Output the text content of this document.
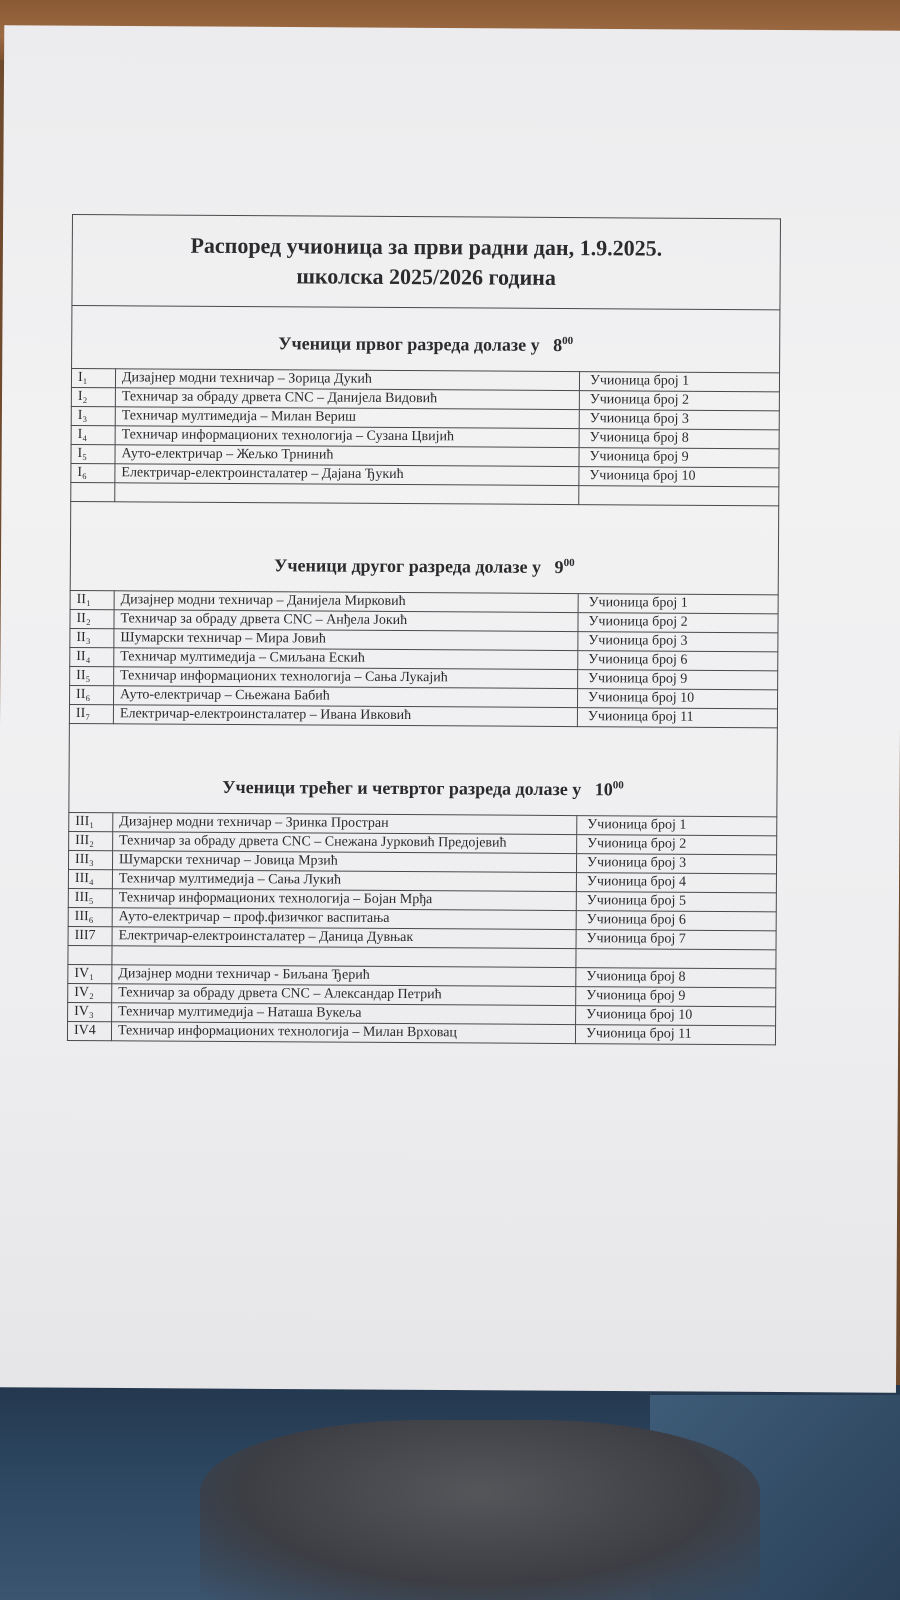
Распоред учионица за први радни дан, 1.9.2025.
школска 2025/2026 година		

Ученици првог разреда долазе у $8^{00}$
I₁	Дизајнер модни техничар – Зорица Дукић	Учионица број 1
I₂	Техничар за обраду дрвета CNC – Данијела Видовић	Учионица број 2
I₃	Техничар мултимедија – Милан Вериш	Учионица број 3
I₄	Техничар информационих технологија – Сузана Цвијић	Учионица број 8
I₅	Ауто-електричар – Жељко Трнинић	Учионица број 9
I₆	Електричар-електроинсталатер – Дајана Ђукић	Учионица број 10

Ученици другог разреда долазе у $9^{00}$
II₁	Дизајнер модни техничар – Данијела Мирковић	Учионица број 1
II₂	Техничар за обраду дрвета CNC – Анђела Јокић	Учионица број 2
II₃	Шумарски техничар – Мира Јовић	Учионица број 3
II₄	Техничар мултимедија – Смиљана Ескић	Учионица број 6
II₅	Техничар информационих технологија – Сања Лукајић	Учионица број 9
II₆	Ауто-електричар – Сњежана Бабић	Учионица број 10
II₇	Електричар-електроинсталатер – Ивана Ивковић	Учионица број 11
Ученици трећег и четвртог разреда долазе у $10^{00}$
III₁	Дизајнер модни техничар – Зринка Простран	Учионица број 1
III₂	Техничар за обраду дрвета CNC – Снежана Јурковић Предојевић	Учионица број 2
III₃	Шумарски техничар – Јовица Мрзић	Учионица број 3
III₄	Техничар мултимедија – Сања Лукић	Учионица број 4
III₅	Техничар информационих технологија – Бојан Мрђа	Учионица број 5
III₆	Ауто-електричар – проф.физичког васпитања	Учионица број 6
III7	Електричар-електроинсталатер – Даница Дувњак	Учионица број 7

IV₁	Дизајнер модни техничар - Биљана Ђерић	Учионица број 8
IV₂	Техничар за обраду дрвета CNC – Александар Петрић	Учионица број 9
IV₃	Техничар мултимедија – Наташа Вукеља	Учионица број 10
IV4	Техничар информационих технологија – Милан Врховац	Учионица број 11
